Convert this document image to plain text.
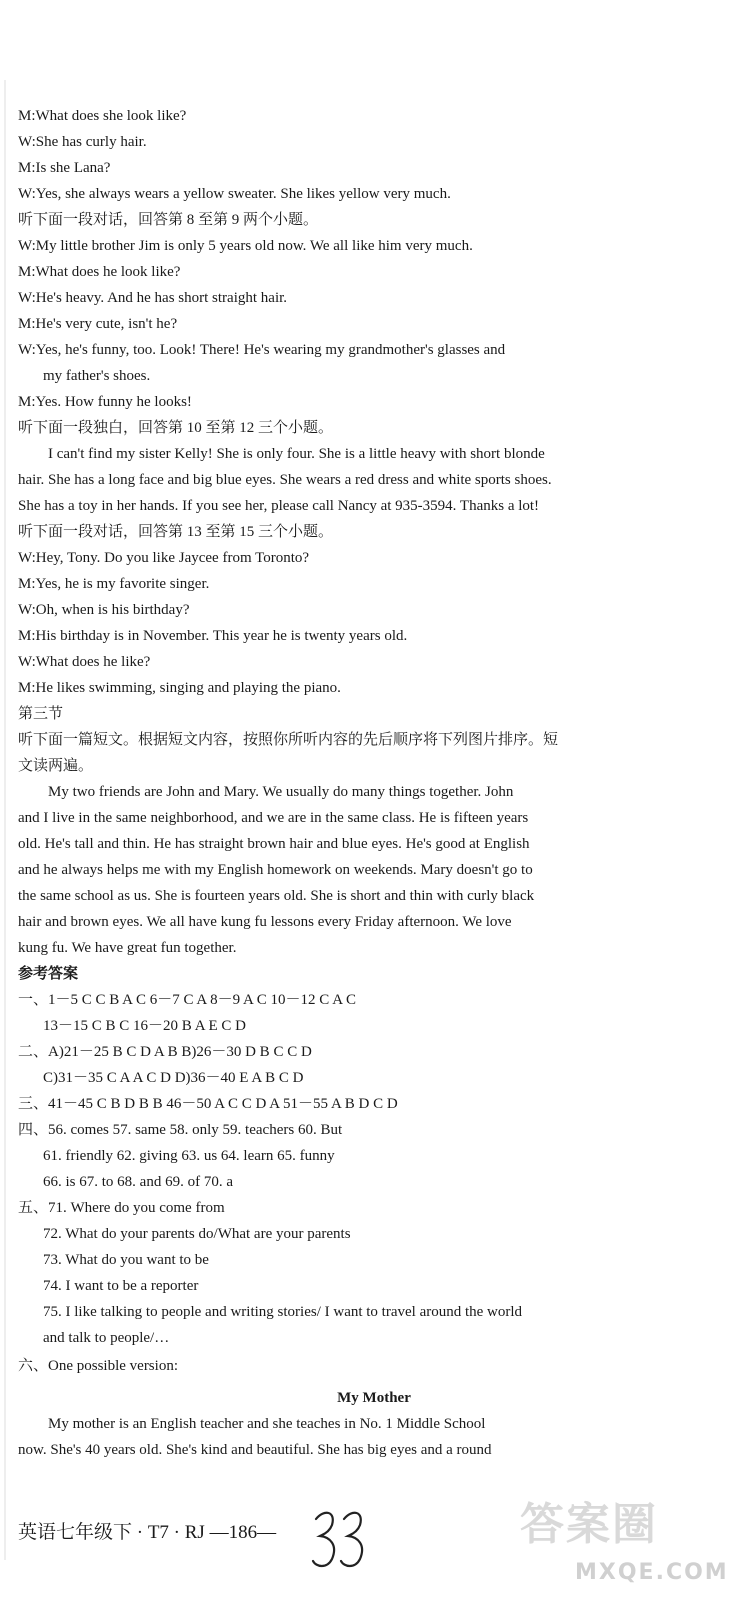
M:What does she look like?
W:She has curly hair.
M:Is she Lana?
W:Yes, she always wears a yellow sweater. She likes yellow very much.
听下面一段对话，回答第 8 至第 9 两个小题。
W:My little brother Jim is only 5 years old now. We all like him very much.
M:What does he look like?
W:He's heavy. And he has short straight hair.
M:He's very cute, isn't he?
W:Yes, he's funny, too. Look! There! He's wearing my grandmother's glasses and
my father's shoes.
M:Yes. How funny he looks!
听下面一段独白，回答第 10 至第 12 三个小题。
I can't find my sister Kelly! She is only four. She is a little heavy with short blonde
hair. She has a long face and big blue eyes. She wears a red dress and white sports shoes.
She has a toy in her hands. If you see her, please call Nancy at 935-3594. Thanks a lot!
听下面一段对话，回答第 13 至第 15 三个小题。
W:Hey, Tony. Do you like Jaycee from Toronto?
M:Yes, he is my favorite singer.
W:Oh, when is his birthday?
M:His birthday is in November. This year he is twenty years old.
W:What does he like?
M:He likes swimming, singing and playing the piano.
第三节
听下面一篇短文。根据短文内容，按照你所听内容的先后顺序将下列图片排序。短
文读两遍。
My two friends are John and Mary. We usually do many things together. John
and I live in the same neighborhood, and we are in the same class. He is fifteen years
old. He's tall and thin. He has straight brown hair and blue eyes. He's good at English
and he always helps me with my English homework on weekends. Mary doesn't go to
the same school as us. She is fourteen years old. She is short and thin with curly black
hair and brown eyes. We all have kung fu lessons every Friday afternoon. We love
kung fu. We have great fun together.
参考答案
一、1－5 C C B A C 6－7 C A 8－9 A C 10－12 C A C
13－15 C B C 16－20 B A E C D
二、A)21－25 B C D A B B)26－30 D B C C D
C)31－35 C A A C D D)36－40 E A B C D
三、41－45 C B D B B 46－50 A C C D A 51－55 A B D C D
四、56. comes 57. same 58. only 59. teachers 60. But
61. friendly 62. giving 63. us 64. learn 65. funny
66. is 67. to 68. and 69. of 70. a
五、71. Where do you come from
72. What do your parents do/What are your parents
73. What do you want to be
74. I want to be a reporter
75. I like talking to people and writing stories/ I want to travel around the world
and talk to people/…
六、One possible version:
My Mother
My mother is an English teacher and she teaches in No. 1 Middle School
now. She's 40 years old. She's kind and beautiful. She has big eyes and a round
英语七年级下 · T7 · RJ —186—	答案圈
MXQE.COM
